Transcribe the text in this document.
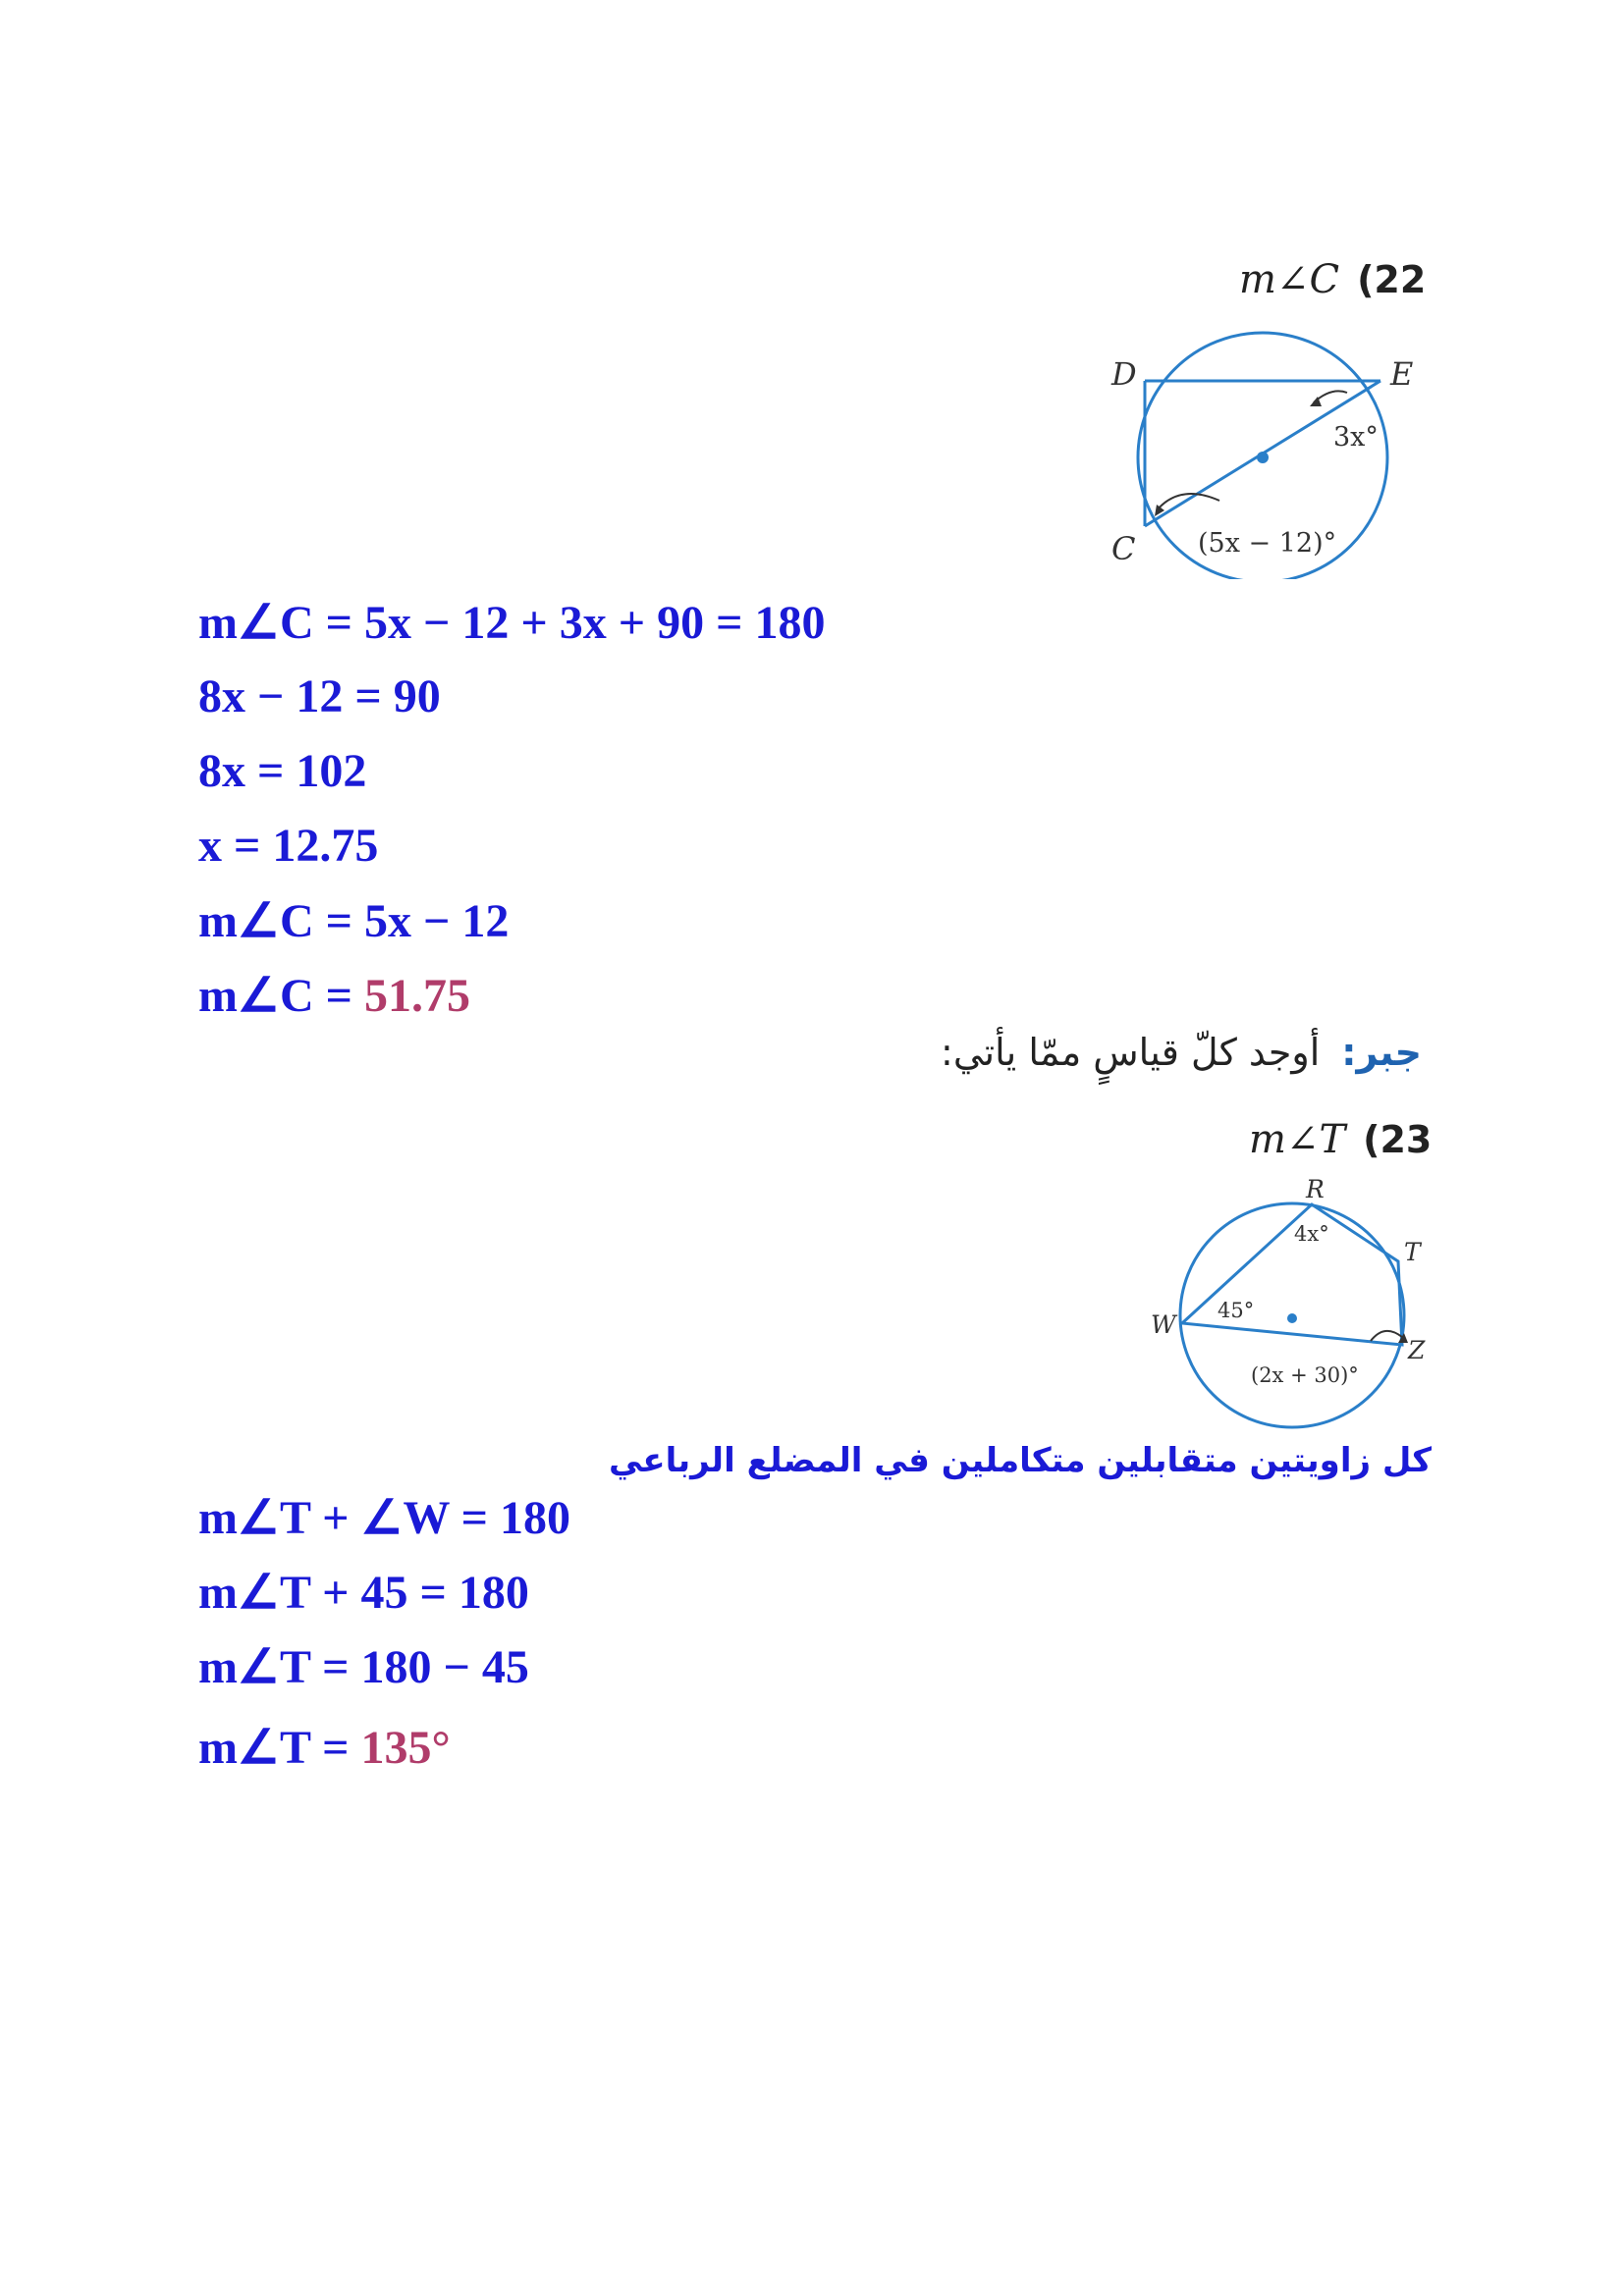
m∠C (22
D	E
C
3x°
(5x − 12)°
m∠C = 5x − 12 + 3x + 90 = 180
8x − 12 = 90
8x = 102
x = 12.75
m∠C = 5x − 12
m∠C = 51.75
جبر:أوجد كلّ قياسٍ ممّا يأتي:
m∠T (23
R
T
W
Z
4x°
45°
(2x + 30)°
كل زاويتين متقابلين متكاملين في المضلع الرباعي
m∠T + ∠W = 180
m∠T + 45 = 180
m∠T = 180 − 45
m∠T = 135°
